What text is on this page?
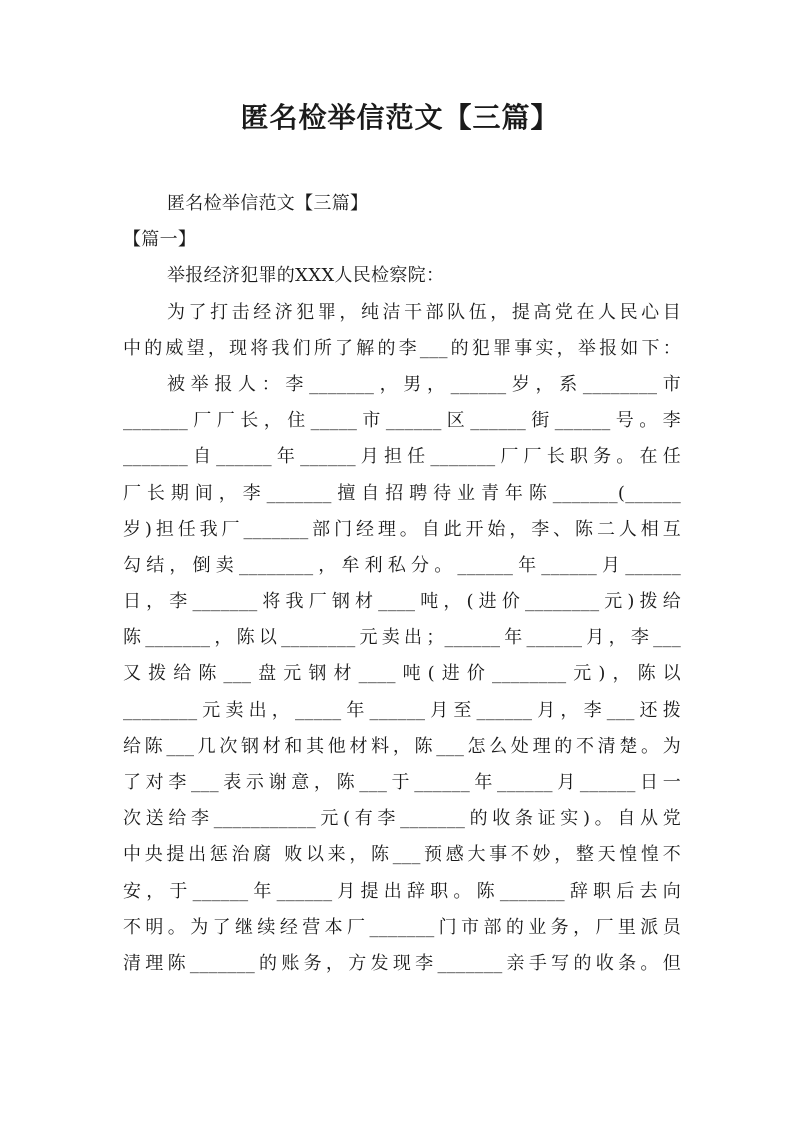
匿名检举信范文【三篇】
匿名检举信范文【三篇】
【篇一】
举报经济犯罪的XXX人民检察院：
为了打击经济犯罪，纯洁干部队伍，提高党在人民心目
中的威望，现将我们所了解的李___的犯罪事实，举报如下：
被举报人：李_______，男，______岁，系________市
_______厂厂长，住_____市______区______街______号。李
_______自______年______月担任_______厂厂长职务。在任
厂长期间，李_______擅自招聘待业青年陈_______(______
岁)担任我厂_______部门经理。自此开始，李、陈二人相互
勾结，倒卖________，牟利私分。______年______月______
日，李_______将我厂钢材____吨，(进价________元)拨给
陈_______，陈以________元卖出；______年______月，李___
又拨给陈___盘元钢材____吨(进价________元)，陈以
________元卖出，_____年______月至______月，李___还拨
给陈___几次钢材和其他材料，陈___怎么处理的不清楚。为
了对李___表示谢意，陈___于______年______月______日一
次送给李___________元(有李_______的收条证实)。自从党
中央提出惩治腐 败以来，陈___预感大事不妙，整天惶惶不
安，于______年______月提出辞职。陈_______辞职后去向
不明。为了继续经营本厂_______门市部的业务，厂里派员
清理陈_______的账务，方发现李_______亲手写的收条。但
